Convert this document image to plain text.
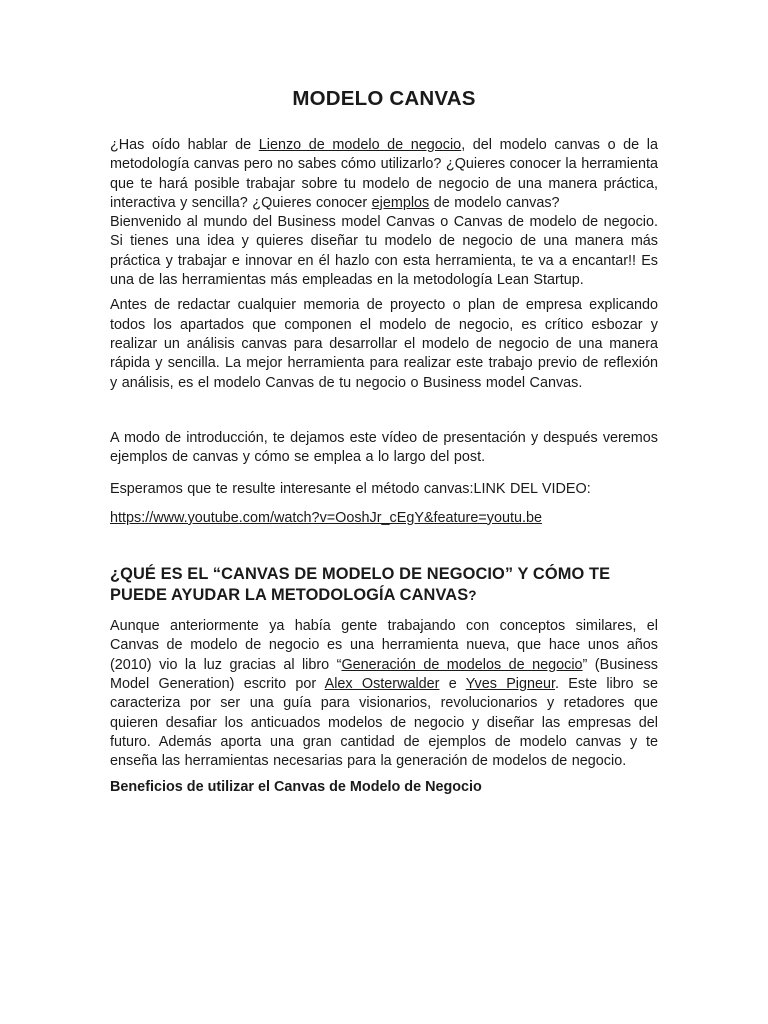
MODELO CANVAS

¿Has oído hablar de Lienzo de modelo de negocio, del modelo canvas o de la metodología canvas pero no sabes cómo utilizarlo? ¿Quieres conocer la herramienta que te hará posible trabajar sobre tu modelo de negocio de una manera práctica, interactiva y sencilla? ¿Quieres conocer ejemplos de modelo canvas?

Bienvenido al mundo del Business model Canvas o Canvas de modelo de negocio. Si tienes una idea y quieres diseñar tu modelo de negocio de una manera más práctica y trabajar e innovar en él hazlo con esta herramienta, te va a encantar!! Es una de las herramientas más empleadas en la metodología Lean Startup.

Antes de redactar cualquier memoria de proyecto o plan de empresa explicando todos los apartados que componen el modelo de negocio, es crítico esbozar y realizar un análisis canvas para desarrollar el modelo de negocio de una manera rápida y sencilla. La mejor herramienta para realizar este trabajo previo de reflexión y análisis, es el modelo Canvas de tu negocio o Business model Canvas.

A modo de introducción, te dejamos este vídeo de presentación y después veremos ejemplos de canvas y cómo se emplea a lo largo del post.

Esperamos que te resulte interesante el método canvas:LINK DEL VIDEO:

https://www.youtube.com/watch?v=OoshJr_cEgY&feature=youtu.be

¿QUÉ ES EL “CANVAS DE MODELO DE NEGOCIO” Y CÓMO TE PUEDE AYUDAR LA METODOLOGÍA CANVAS?

Aunque anteriormente ya había gente trabajando con conceptos similares, el Canvas de modelo de negocio es una herramienta nueva, que hace unos años (2010) vio la luz gracias al libro “Generación de modelos de negocio” (Business Model Generation) escrito por Alex Osterwalder e Yves Pigneur. Este libro se caracteriza por ser una guía para visionarios, revolucionarios y retadores que quieren desafiar los anticuados modelos de negocio y diseñar las empresas del futuro. Además aporta una gran cantidad de ejemplos de modelo canvas y te enseña las herramientas necesarias para la generación de modelos de negocio.

Beneficios de utilizar el Canvas de Modelo de Negocio
